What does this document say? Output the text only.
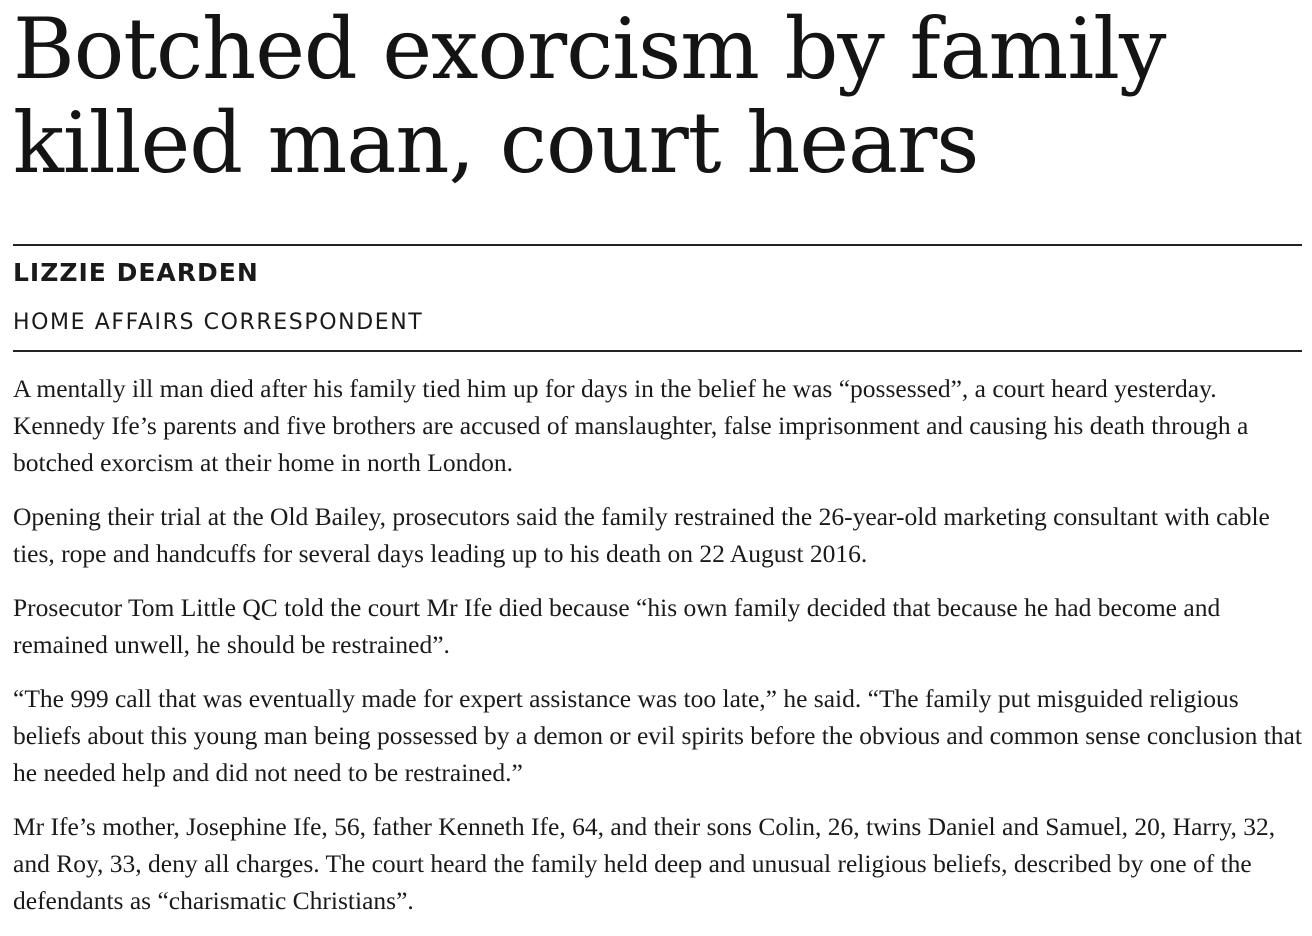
Botched exorcism by family killed man, court hears
LIZZIE DEARDEN
HOME AFFAIRS CORRESPONDENT

A mentally ill man died after his family tied him up for days in the belief he was “possessed”, a court heard yesterday. Kennedy Ife’s parents and five brothers are accused of manslaughter, false imprisonment and causing his death through a botched exorcism at their home in north London.

Opening their trial at the Old Bailey, prosecutors said the family restrained the 26-year-old marketing consultant with cable ties, rope and handcuffs for several days leading up to his death on 22 August 2016.

Prosecutor Tom Little QC told the court Mr Ife died because “his own family decided that because he had become and remained unwell, he should be restrained”.

“The 999 call that was eventually made for expert assistance was too late,” he said. “The family put misguided religious beliefs about this young man being possessed by a demon or evil spirits before the obvious and common sense conclusion that he needed help and did not need to be restrained.”

Mr Ife’s mother, Josephine Ife, 56, father Kenneth Ife, 64, and their sons Colin, 26, twins Daniel and Samuel, 20, Harry, 32, and Roy, 33, deny all charges. The court heard the family held deep and unusual religious beliefs, described by one of the defendants as “charismatic Christians”.
